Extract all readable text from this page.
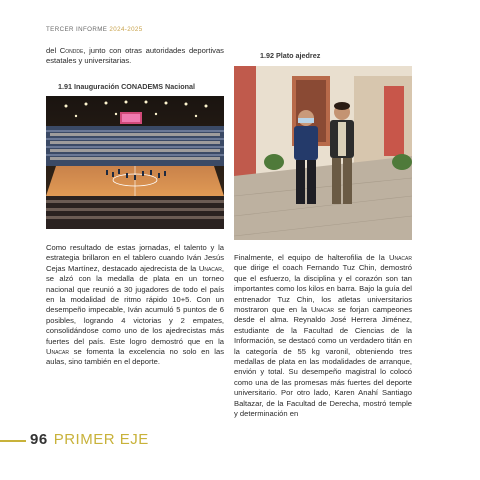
TERCER INFORME 2024-2025

del Condde, junto con otras autoridades deportivas estatales y universitarias.

1.91 Inauguración CONADEMS Nacional
1.92 Plato ajedrez

Como resultado de estas jornadas, el talento y la estrategia brillaron en el tablero cuando Iván Jesús Cejas Martínez, destacado ajedrecista de la Unacar, se alzó con la medalla de plata en un torneo nacional que reunió a 30 jugadores de todo el país en la modalidad de ritmo rápido 10+5. Con un desempeño impecable, Iván acumuló 5 puntos de 6 posibles, logrando 4 victorias y 2 empates, consolidándose como uno de los ajedrecistas más fuertes del país. Este logro demostró que en la Unacar se fomenta la excelencia no solo en las aulas, sino también en el deporte.

Finalmente, el equipo de halterofilia de la Unacar que dirige el coach Fernando Tuz Chin, demostró que el esfuerzo, la disciplina y el corazón son tan importantes como los kilos en barra. Bajo la guía del entrenador Tuz Chin, los atletas universitarios mostraron que en la Unacar se forjan campeones desde el alma. Reynaldo José Herrera Jiménez, estudiante de la Facultad de Ciencias de la Información, se destacó como un verdadero titán en la categoría de 55 kg varonil, obteniendo tres medallas de plata en las modalidades de arranque, envión y total. Su desempeño magistral lo colocó como una de las promesas más fuertes del deporte universitario. Por otro lado, Karen Anahí Santiago Baltazar, de la Facultad de Derecha, mostró temple y determinación en

96 PRIMER EJE
